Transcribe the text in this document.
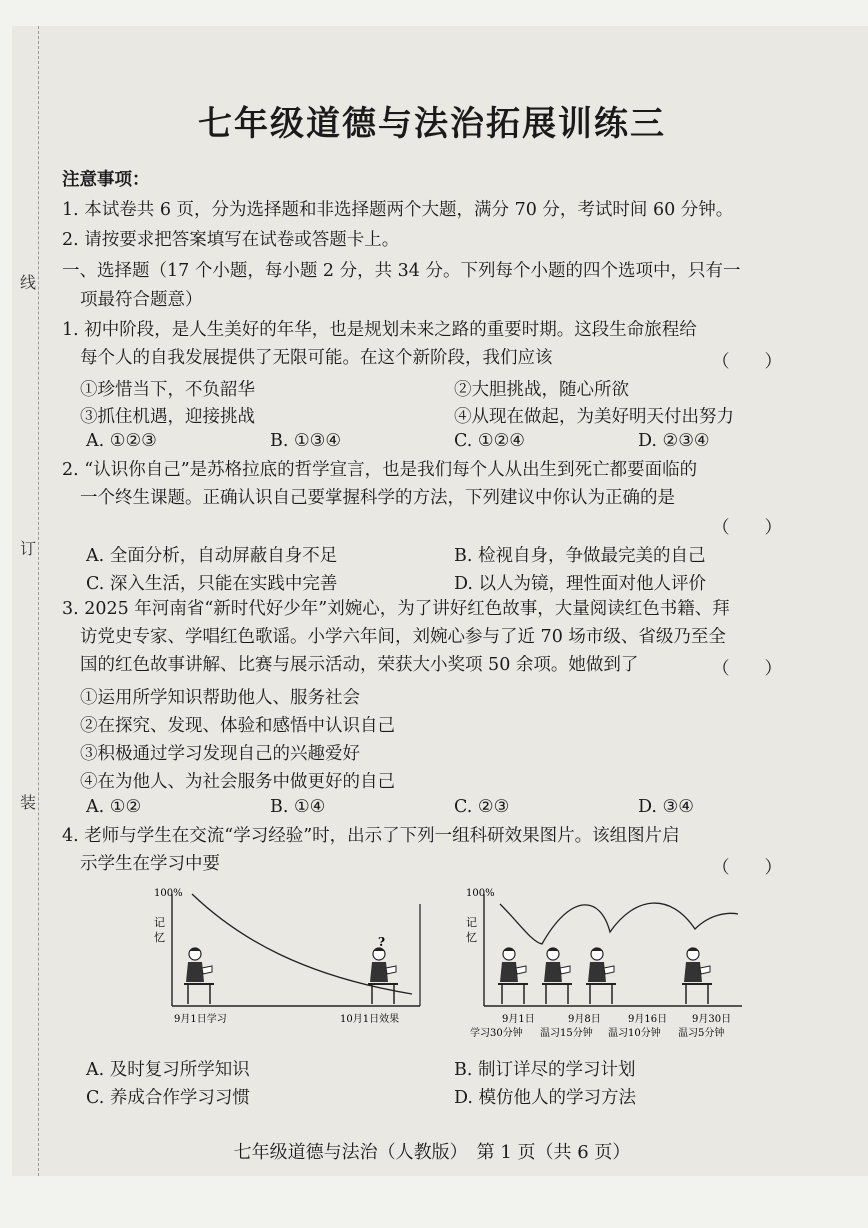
线
订
装
七年级道德与法治拓展训练三
注意事项：
1. 本试卷共 6 页，分为选择题和非选择题两个大题，满分 70 分，考试时间 60 分钟。
2. 请按要求把答案填写在试卷或答题卡上。
一、选择题（17 个小题，每小题 2 分，共 34 分。下列每个小题的四个选项中，只有一
项最符合题意）
1. 初中阶段，是人生美好的年华，也是规划未来之路的重要时期。这段生命旅程给
每个人的自我发展提供了无限可能。在这个新阶段，我们应该	（　　）
①珍惜当下，不负韶华	②大胆挑战，随心所欲
③抓住机遇，迎接挑战	④从现在做起，为美好明天付出努力
A. ①②③	B. ①③④	C. ①②④	D. ②③④
2. “认识你自己”是苏格拉底的哲学宣言，也是我们每个人从出生到死亡都要面临的
一个终生课题。正确认识自己要掌握科学的方法，下列建议中你认为正确的是
（　　）
A. 全面分析，自动屏蔽自身不足	B. 检视自身，争做最完美的自己
C. 深入生活，只能在实践中完善	D. 以人为镜，理性面对他人评价
3. 2025 年河南省“新时代好少年”刘婉心，为了讲好红色故事，大量阅读红色书籍、拜
访党史专家、学唱红色歌谣。小学六年间，刘婉心参与了近 70 场市级、省级乃至全
国的红色故事讲解、比赛与展示活动，荣获大小奖项 50 余项。她做到了	（　　）
①运用所学知识帮助他人、服务社会
②在探究、发现、体验和感悟中认识自己
③积极通过学习发现自己的兴趣爱好
④在为他人、为社会服务中做更好的自己
A. ①②	B. ①④	C. ②③	D. ③④
4. 老师与学生在交流“学习经验”时，出示了下列一组科研效果图片。该组图片启
示学生在学习中要	（　　）
100%
记
忆	?
9月1日学习	10月1日效果
100%
记
忆
9月1日	9月8日	9月16日 9月30日
学习30分钟 温习15分钟 温习10分钟 温习5分钟
A. 及时复习所学知识	B. 制订详尽的学习计划
C. 养成合作学习习惯	D. 模仿他人的学习方法
七年级道德与法治（人教版）　第 1 页（共 6 页）
